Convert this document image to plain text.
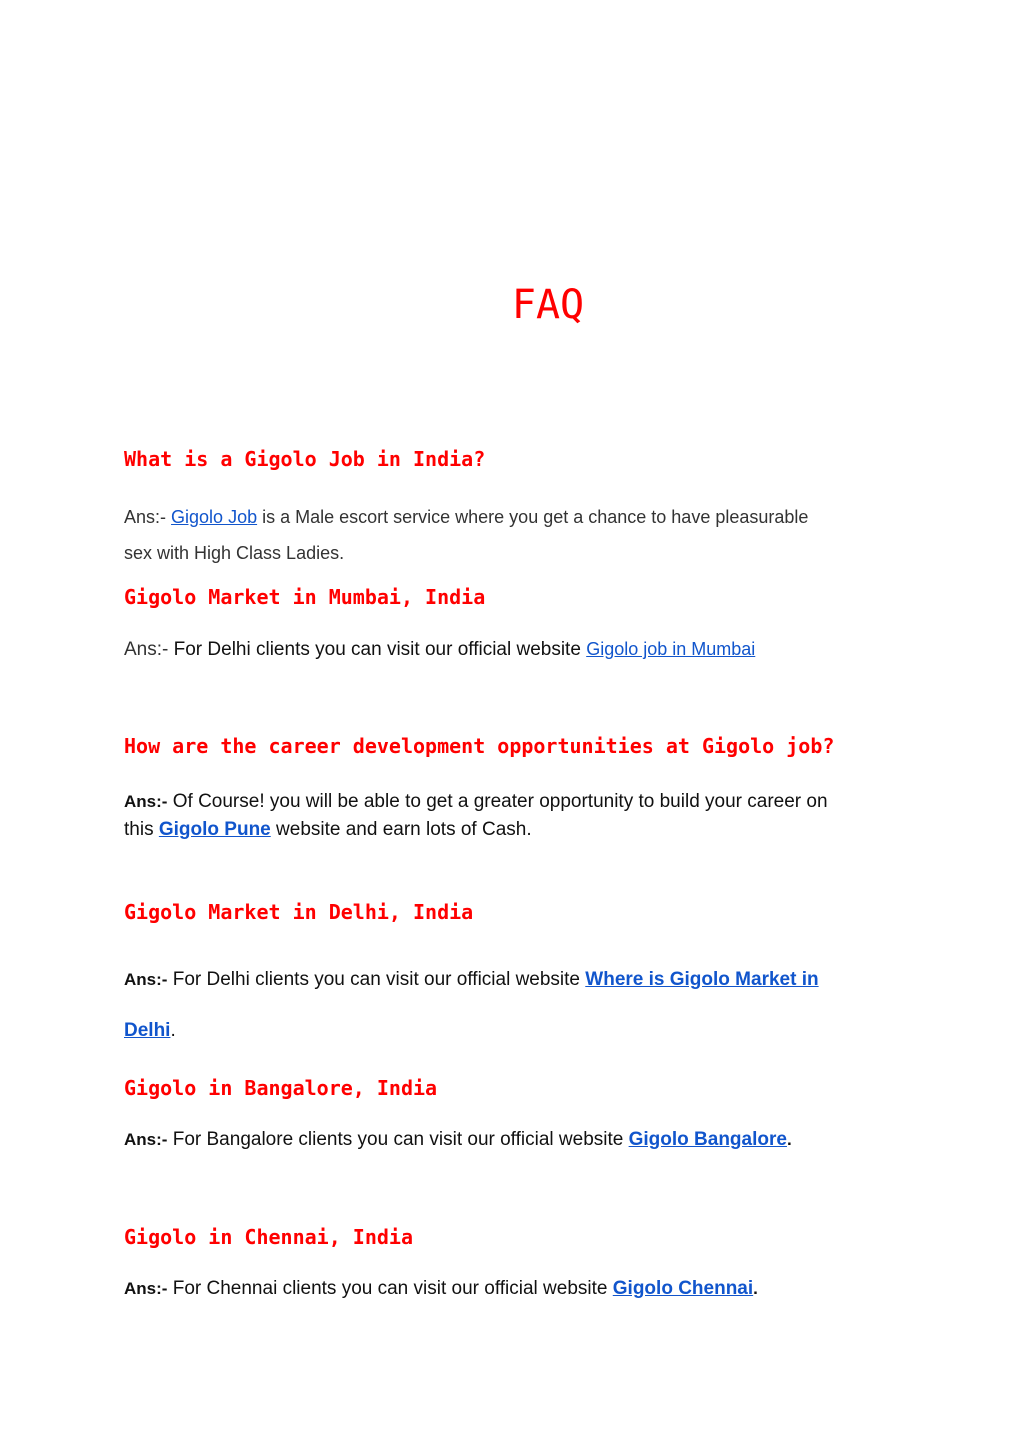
FAQ
What is a Gigolo Job in India?
Ans:- Gigolo Job is a Male escort service where you get a chance to have pleasurable
sex with High Class Ladies.
Gigolo Market in Mumbai, India
Ans:- For Delhi clients you can visit our official website Gigolo job in Mumbai
How are the career development opportunities at Gigolo job?
Ans:- Of Course! you will be able to get a greater opportunity to build your career on
this Gigolo Pune website and earn lots of Cash.
Gigolo Market in Delhi, India
Ans:- For Delhi clients you can visit our official website Where is Gigolo Market in
Delhi.
Gigolo in Bangalore, India
Ans:- For Bangalore clients you can visit our official website Gigolo Bangalore.
Gigolo in Chennai, India
Ans:- For Chennai clients you can visit our official website Gigolo Chennai.
